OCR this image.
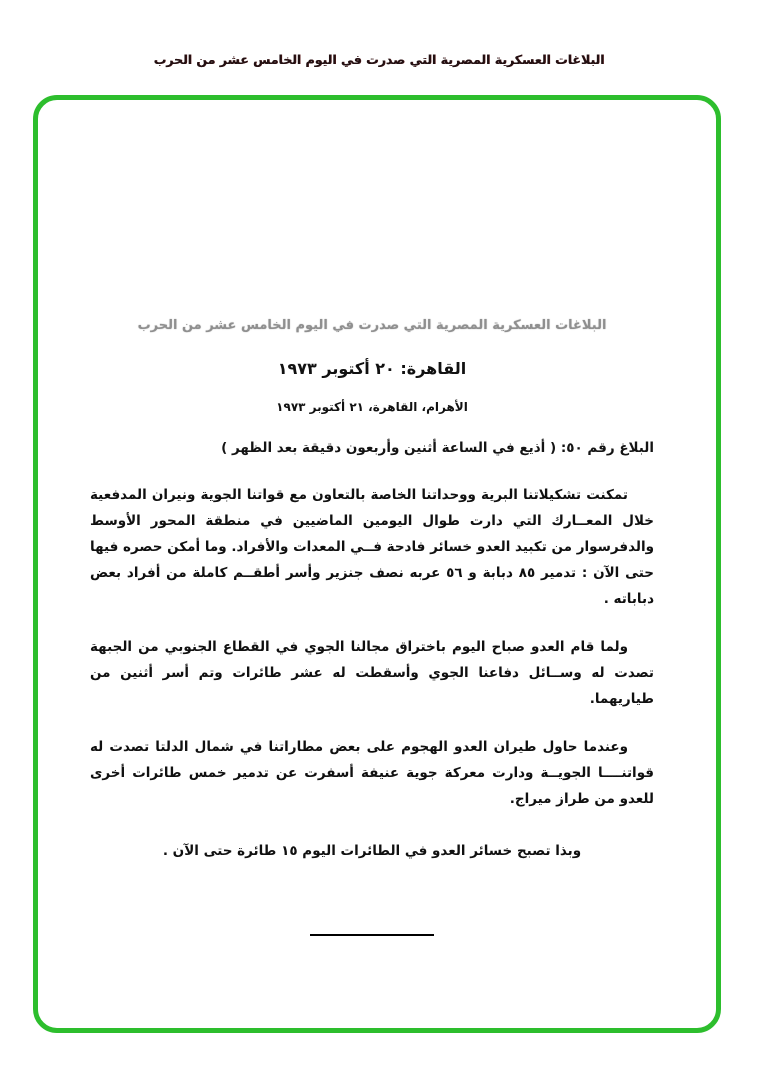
البلاغات العسكرية المصرية التي صدرت في اليوم الخامس عشر من الحرب
البلاغات العسكرية المصرية التي صدرت في اليوم الخامس عشر من الحرب
القاهرة: ٢٠ أكتوبر ١٩٧٣
الأهرام، القاهرة، ٢١ أكتوبر ١٩٧٣
البلاغ رقم ٥٠: ( أذيع في الساعة أثنين وأربعون دقيقة بعد الظهر )

تمكنت تشكيلاتنا البرية ووحداتنا الخاصة بالتعاون مع قواتنا الجوية ونيران المدفعية خلال المعــارك التي دارت طوال اليومين الماضيين في منطقة المحور الأوسط والدفرسوار من تكبيد العدو خسائر فادحة فــي المعدات والأفراد. وما أمكن حصره فيها حتى الآن : تدمير ٨٥ دبابة و ٥٦ عربه نصف جنزير وأسر أطقــم كاملة من أفراد بعض دباباته .

ولما قام العدو صباح اليوم باختراق مجالنا الجوي في القطاع الجنوبي من الجبهة تصدت له وســائل دفاعنا الجوي وأسقطت له عشر طائرات وتم أسر أثنين من طياريهما.

وعندما حاول طيران العدو الهجوم على بعض مطاراتنا في شمال الدلتا تصدت له قواتنــــا الجويــة ودارت معركة جوية عنيفة أسفرت عن تدمير خمس طائرات أخرى للعدو من طراز ميراج.

وبذا تصبح خسائر العدو في الطائرات اليوم ١٥ طائرة حتى الآن .
